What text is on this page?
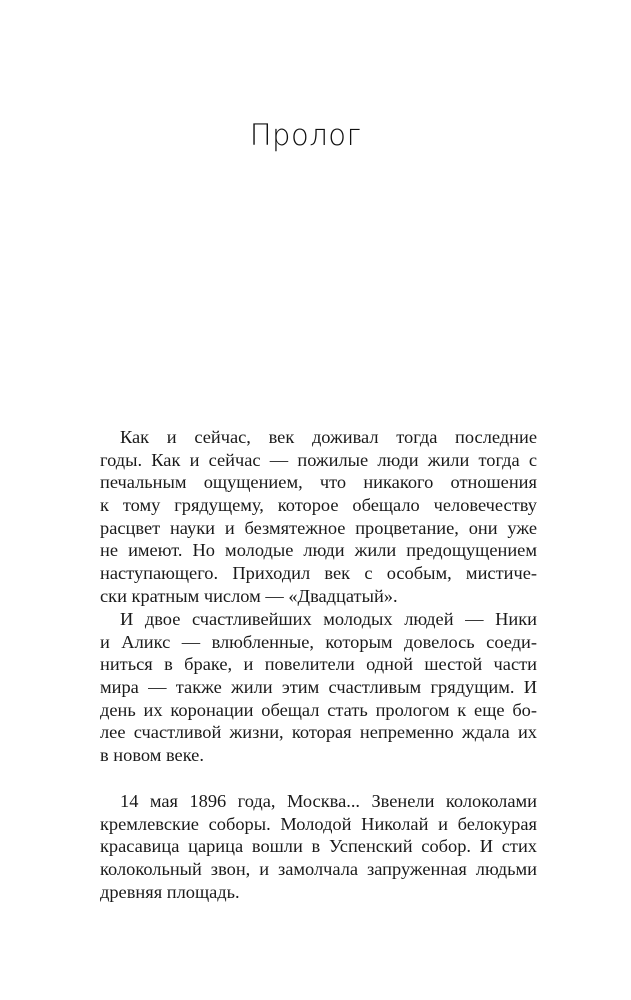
Пролог
Как и сейчас, век доживал тогда последние
годы. Как и сейчас — пожилые люди жили тогда с
печальным ощущением, что никакого отношения
к тому грядущему, которое обещало человечеству
расцвет науки и безмятежное процветание, они уже
не имеют. Но молодые люди жили предощущением
наступающего. Приходил век с особым, мистиче-
ски кратным числом — «Двадцатый».
И двое счастливейших молодых людей — Ники
и Аликс — влюбленные, которым довелось соеди-
ниться в браке, и повелители одной шестой части
мира — также жили этим счастливым грядущим. И
день их коронации обещал стать прологом к еще бо-
лее счастливой жизни, которая непременно ждала их
в новом веке.
14 мая 1896 года, Москва... Звенели колоколами
кремлевские соборы. Молодой Николай и белокурая
красавица царица вошли в Успенский собор. И стих
колокольный звон, и замолчала запруженная людьми
древняя площадь.
